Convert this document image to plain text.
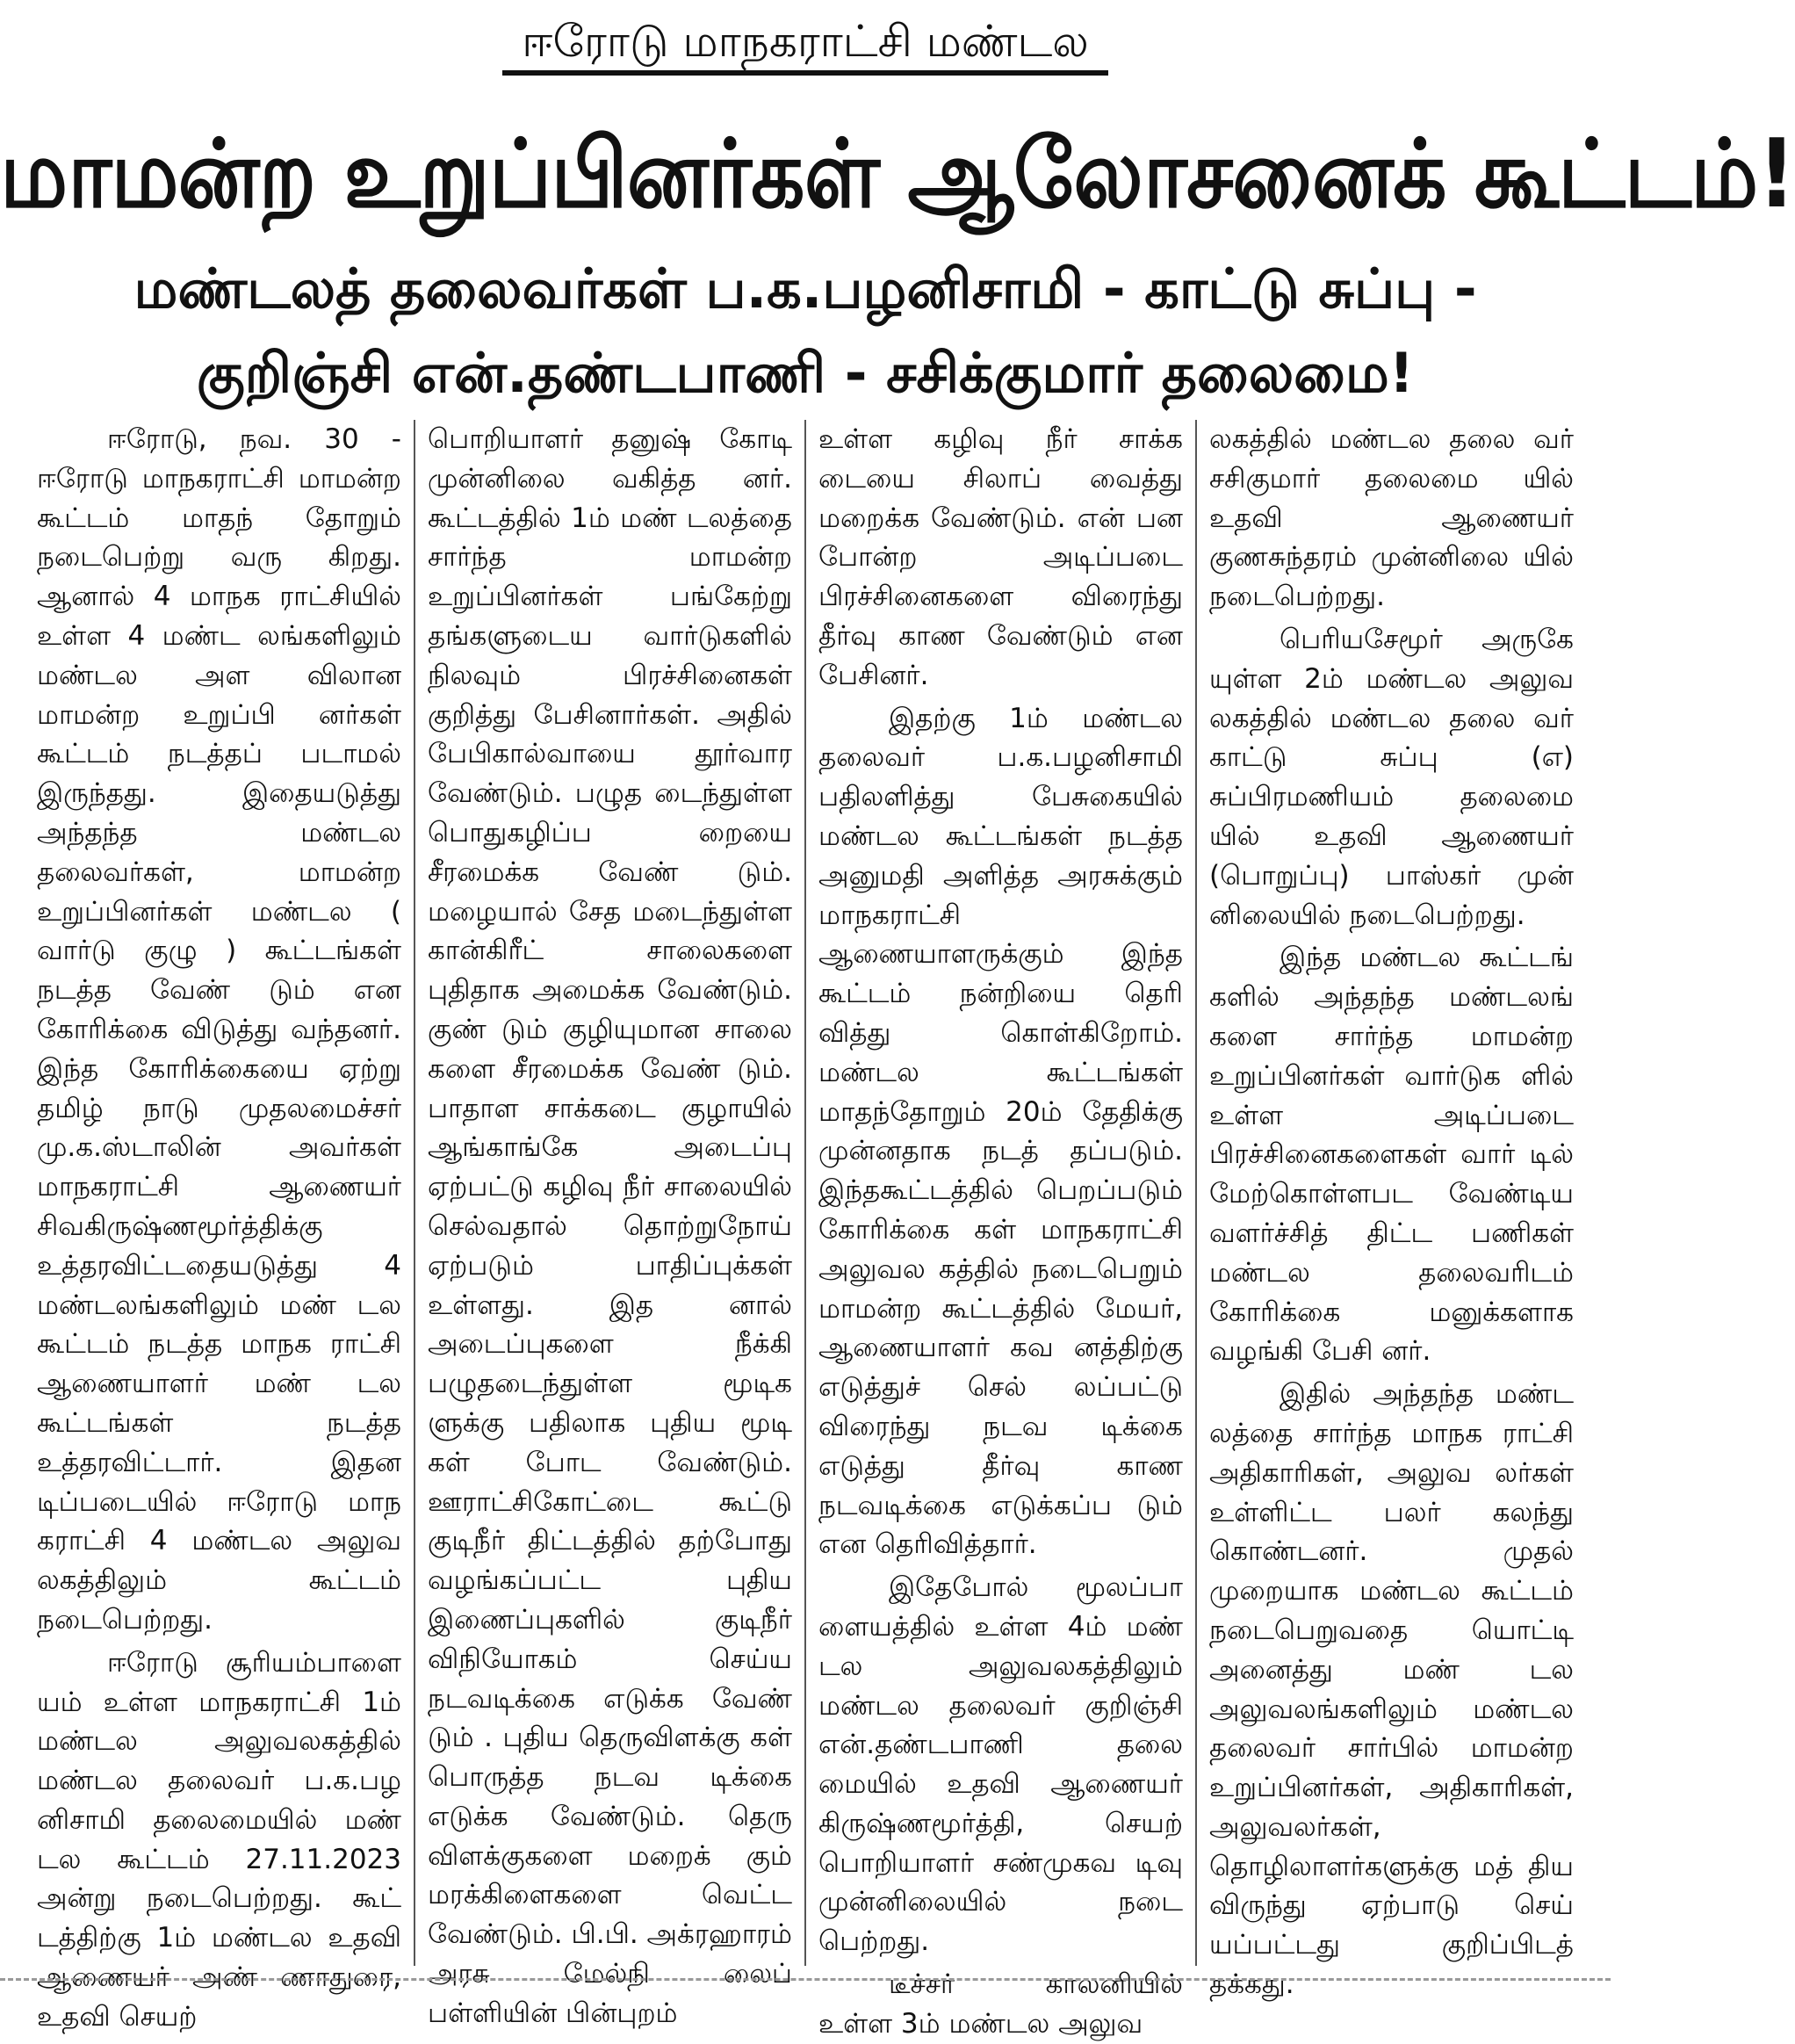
ஈரோடு மாநகராட்சி மண்டல
மாமன்ற உறுப்பினர்கள் ஆலோசனைக் கூட்டம்!
மண்டலத் தலைவர்கள் ப.க.பழனிசாமி - காட்டு சுப்பு -
குறிஞ்சி என்.தண்டபாணி - சசிக்குமார் தலைமை!

ஈரோடு, நவ. 30 - ஈரோடு மாநகராட்சி மாமன்ற கூட்டம் மாதந் தோறும் நடைபெற்று வரு கிறது. ஆனால் 4 மாநக ராட்சியில் உள்ள 4 மண்ட லங்களிலும் மண்டல அள விலான மாமன்ற உறுப்பி னர்கள் கூட்டம் நடத்தப் படாமல் இருந்தது. இதையடுத்து அந்தந்த மண்டல தலைவர்கள், மாமன்ற உறுப்பினர்கள் மண்டல ( வார்டு குழு ) கூட்டங்கள் நடத்த வேண் டும் என கோரிக்கை விடுத்து வந்தனர். இந்த கோரிக்கையை ஏற்று தமிழ் நாடு முதலமைச்சர் மு.க.ஸ்டாலின் அவர்கள் மாநகராட்சி ஆணையர் சிவகிருஷ்ணமூர்த்திக்கு உத்தரவிட்டதையடுத்து 4 மண்டலங்களிலும் மண் டல கூட்டம் நடத்த மாநக ராட்சி ஆணையாளர் மண் டல கூட்டங்கள் நடத்த உத்தரவிட்டார். இதன டிப்படையில் ஈரோடு மாந கராட்சி 4 மண்டல அலுவ லகத்திலும் கூட்டம் நடைபெற்றது.

ஈரோடு சூரியம்பாளை யம் உள்ள மாநகராட்சி 1ம் மண்டல அலுவலகத்தில் மண்டல தலைவர் ப.க.பழ னிசாமி தலைமையில் மண் டல கூட்டம் 27.11.2023 அன்று நடைபெற்றது. கூட் டத்திற்கு 1ம் மண்டல உதவி ஆணையர் அண் ணாதுரை, உதவி செயற்

பொறியாளர் தனுஷ் கோடி முன்னிலை வகித்த னர். கூட்டத்தில் 1ம் மண் டலத்தை சார்ந்த மாமன்ற உறுப்பினர்கள் பங்கேற்று தங்களுடைய வார்டுகளில் நிலவும் பிரச்சினைகள் குறித்து பேசினார்கள். அதில் பேபிகால்வாயை தூர்வார வேண்டும். பழுத டைந்துள்ள பொதுகழிப்ப றையை சீரமைக்க வேண் டும். மழையால் சேத மடைந்துள்ள கான்கிரீட் சாலைகளை புதிதாக அமைக்க வேண்டும். குண் டும் குழியுமான சாலை களை சீரமைக்க வேண் டும். பாதாள சாக்கடை குழாயில் ஆங்காங்கே அடைப்பு ஏற்பட்டு கழிவு நீர் சாலையில் செல்வதால் தொற்றுநோய் ஏற்படும் பாதிப்புக்கள் உள்ளது. இத னால் அடைப்புகளை நீக்கி பழுதடைந்துள்ள மூடிக ளுக்கு பதிலாக புதிய மூடி கள் போட வேண்டும். ஊராட்சிகோட்டை கூட்டு குடிநீர் திட்டத்தில் தற்போது வழங்கப்பட்ட புதிய இணைப்புகளில் குடிநீர் விநியோகம் செய்ய நடவடிக்கை எடுக்க வேண் டும் . புதிய தெருவிளக்கு கள் பொருத்த நடவ டிக்கை எடுக்க வேண்டும். தெரு விளக்குகளை மறைக் கும் மரக்கிளைகளை வெட்ட வேண்டும். பி.பி. அக்ரஹாரம் அரசு மேல்நி லைப் பள்ளியின் பின்புறம்

உள்ள கழிவு நீர் சாக்க டையை சிலாப் வைத்து மறைக்க வேண்டும். என் பன போன்ற அடிப்படை பிரச்சினைகளை விரைந்து தீர்வு காண வேண்டும் என பேசினர்.

இதற்கு 1ம் மண்டல தலைவர் ப.க.பழனிசாமி பதிலளித்து பேசுகையில் மண்டல கூட்டங்கள் நடத்த அனுமதி அளித்த அரசுக்கும் மாநகராட்சி ஆணையாளருக்கும் இந்த கூட்டம் நன்றியை தெரி வித்து கொள்கிறோம். மண்டல கூட்டங்கள் மாதந்தோறும் 20ம் தேதிக்கு முன்னதாக நடத் தப்படும். இந்தகூட்டத்தில் பெறப்படும் கோரிக்கை கள் மாநகராட்சி அலுவல கத்தில் நடைபெறும் மாமன்ற கூட்டத்தில் மேயர், ஆணையாளர் கவ னத்திற்கு எடுத்துச் செல் லப்பட்டு விரைந்து நடவ டிக்கை எடுத்து தீர்வு காண நடவடிக்கை எடுக்கப்ப டும் என தெரிவித்தார்.

இதேபோல் மூலப்பா ளையத்தில் உள்ள 4ம் மண் டல அலுவலகத்திலும் மண்டல தலைவர் குறிஞ்சி என்.தண்டபாணி தலை மையில் உதவி ஆணையர் கிருஷ்ணமூர்த்தி, செயற் பொறியாளர் சண்முகவ டிவு முன்னிலையில் நடை பெற்றது.

டீச்சர் காலனியில் உள்ள 3ம் மண்டல அலுவ

லகத்தில் மண்டல தலை வர் சசிகுமார் தலைமை யில் உதவி ஆணையர் குணசுந்தரம் முன்னிலை யில் நடைபெற்றது.

பெரியசேமூர் அருகே யுள்ள 2ம் மண்டல அலுவ லகத்தில் மண்டல தலை வர் காட்டு சுப்பு (எ) சுப்பிரமணியம் தலைமை யில் உதவி ஆணையர் (பொறுப்பு) பாஸ்கர் முன் னிலையில் நடைபெற்றது.

இந்த மண்டல கூட்டங் களில் அந்தந்த மண்டலங் களை சார்ந்த மாமன்ற உறுப்பினர்கள் வார்டுக ளில் உள்ள அடிப்படை பிரச்சினைகளைகள் வார் டில் மேற்கொள்ளபட வேண்டிய வளர்ச்சித் திட்ட பணிகள் மண்டல தலைவரிடம் கோரிக்கை மனுக்களாக வழங்கி பேசி னர்.

இதில் அந்தந்த மண்ட லத்தை சார்ந்த மாநக ராட்சி அதிகாரிகள், அலுவ லர்கள் உள்ளிட்ட பலர் கலந்து கொண்டனர். முதல் முறையாக மண்டல கூட்டம் நடைபெறுவதை யொட்டி அனைத்து மண் டல அலுவலங்களிலும் மண்டல தலைவர் சார்பில் மாமன்ற உறுப்பினர்கள், அதிகாரிகள், அலுவலர்கள், தொழிலாளர்களுக்கு மத் திய விருந்து ஏற்பாடு செய் யப்பட்டது குறிப்பிடத் தக்கது.
